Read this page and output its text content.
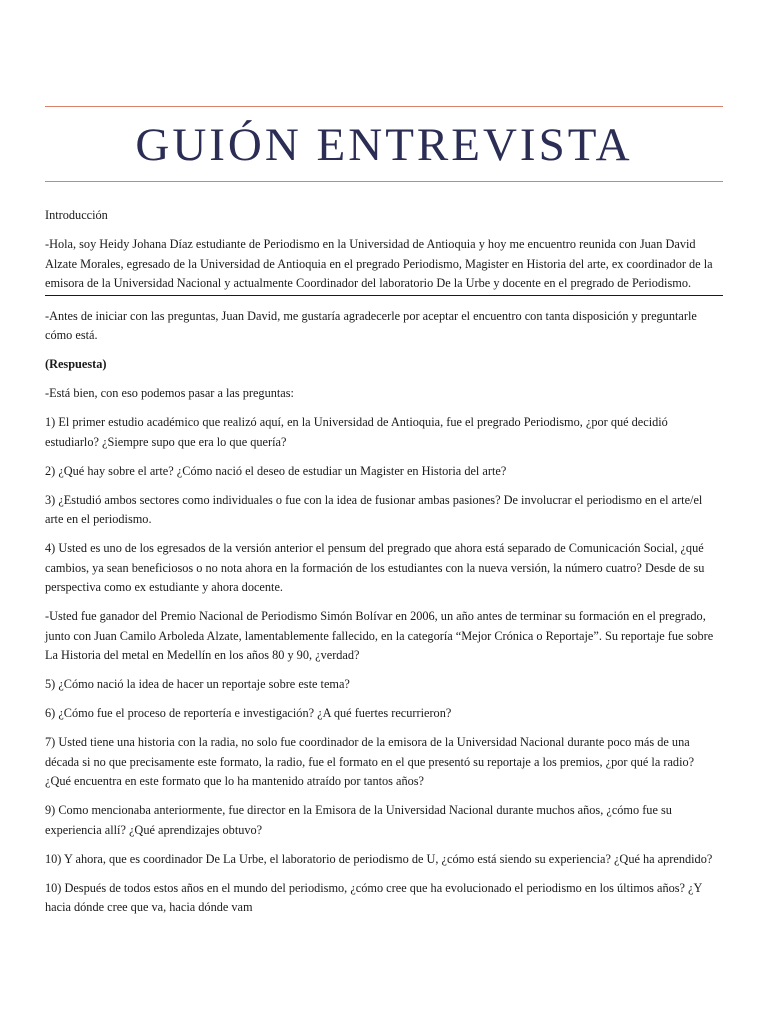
GUIÓN ENTREVISTA

Introducción

-Hola, soy Heidy Johana Díaz estudiante de Periodismo en la Universidad de Antioquia y hoy me encuentro reunida con Juan David Alzate Morales, egresado de la Universidad de Antioquia en el pregrado Periodismo, Magister en Historia del arte, ex coordinador de la emisora de la Universidad Nacional y actualmente Coordinador del laboratorio De la Urbe y docente en el pregrado de Periodismo.

-Antes de iniciar con las preguntas, Juan David, me gustaría agradecerle por aceptar el encuentro con tanta disposición y preguntarle cómo está.

(Respuesta)

-Está bien, con eso podemos pasar a las preguntas:

1) El primer estudio académico que realizó aquí, en la Universidad de Antioquia, fue el pregrado Periodismo, ¿por qué decidió estudiarlo? ¿Siempre supo que era lo que quería?

2) ¿Qué hay sobre el arte? ¿Cómo nació el deseo de estudiar un Magister en Historia del arte?

3) ¿Estudió ambos sectores como individuales o fue con la idea de fusionar ambas pasiones? De involucrar el periodismo en el arte/el arte en el periodismo.

4) Usted es uno de los egresados de la versión anterior el pensum del pregrado que ahora está separado de Comunicación Social, ¿qué cambios, ya sean beneficiosos o no nota ahora en la formación de los estudiantes con la nueva versión, la número cuatro? Desde de su perspectiva como ex estudiante y ahora docente.

-Usted fue ganador del Premio Nacional de Periodismo Simón Bolívar en 2006, un año antes de terminar su formación en el pregrado, junto con Juan Camilo Arboleda Alzate, lamentablemente fallecido, en la categoría “Mejor Crónica o Reportaje”. Su reportaje fue sobre La Historia del metal en Medellín en los años 80 y 90, ¿verdad?

5) ¿Cómo nació la idea de hacer un reportaje sobre este tema?

6) ¿Cómo fue el proceso de reportería e investigación? ¿A qué fuertes recurrieron?

7) Usted tiene una historia con la radia, no solo fue coordinador de la emisora de la Universidad Nacional durante poco más de una década si no que precisamente este formato, la radio, fue el formato en el que presentó su reportaje a los premios, ¿por qué la radio? ¿Qué encuentra en este formato que lo ha mantenido atraído por tantos años?

9) Como mencionaba anteriormente, fue director en la Emisora de la Universidad Nacional durante muchos años, ¿cómo fue su experiencia allí? ¿Qué aprendizajes obtuvo?

10) Y ahora, que es coordinador De La Urbe, el laboratorio de periodismo de U, ¿cómo está siendo su experiencia? ¿Qué ha aprendido?

10) Después de todos estos años en el mundo del periodismo, ¿cómo cree que ha evolucionado el periodismo en los últimos años? ¿Y hacia dónde cree que va, hacia dónde vam
